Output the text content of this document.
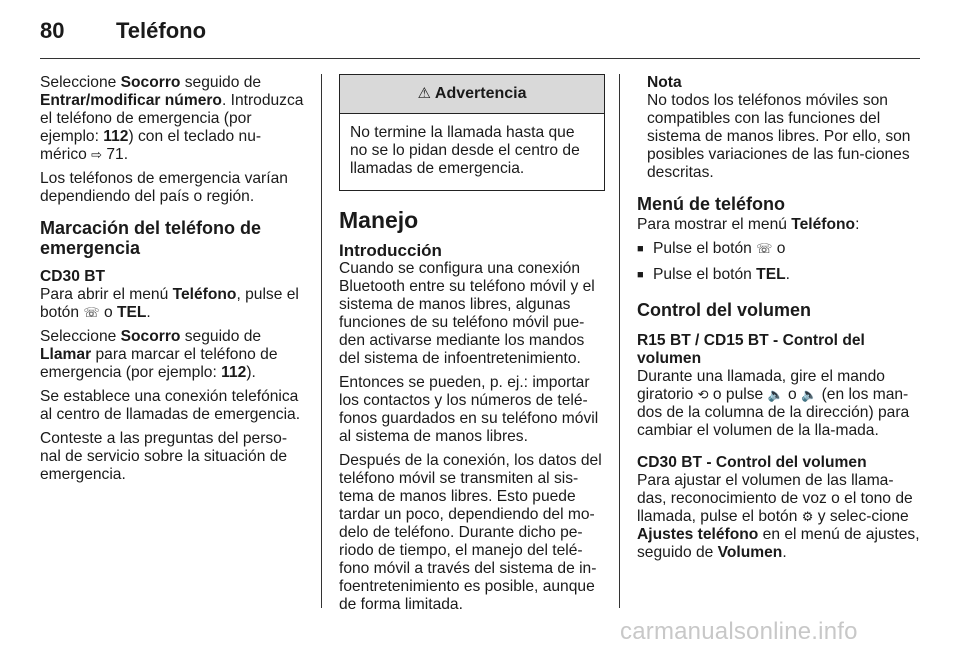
80 Teléfono

Seleccione Socorro seguido de Entrar/modificar número. Introduzca el teléfono de emergencia (por ejemplo: 112) con el teclado nu-mérico ⇨ 71.

Los teléfonos de emergencia varían dependiendo del país o región.

Marcación del teléfono de emergencia
CD30 BT

Para abrir el menú Teléfono, pulse el botón ☏ o TEL.

Seleccione Socorro seguido de Llamar para marcar el teléfono de emergencia (por ejemplo: 112).

Se establece una conexión telefónica al centro de llamadas de emergencia.

Conteste a las preguntas del perso-nal de servicio sobre la situación de emergencia.

⚠ Advertencia
No termine la llamada hasta que no se lo pidan desde el centro de llamadas de emergencia.
Manejo
Introducción

Cuando se configura una conexión Bluetooth entre su teléfono móvil y el sistema de manos libres, algunas funciones de su teléfono móvil pue-den activarse mediante los mandos del sistema de infoentretenimiento.

Entonces se pueden, p. ej.: importar los contactos y los números de telé-fonos guardados en su teléfono móvil al sistema de manos libres.

Después de la conexión, los datos del teléfono móvil se transmiten al sis-tema de manos libres. Esto puede tardar un poco, dependiendo del mo-delo de teléfono. Durante dicho pe-riodo de tiempo, el manejo del telé-fono móvil a través del sistema de in-foentretenimiento es posible, aunque de forma limitada.

Nota

No todos los teléfonos móviles son compatibles con las funciones del sistema de manos libres. Por ello, son posibles variaciones de las fun-ciones descritas.

Menú de teléfono

Para mostrar el menú Teléfono:

■ Pulse el botón ☏ o
■ Pulse el botón TEL.
Control del volumen
R15 BT / CD15 BT - Control del volumen

Durante una llamada, gire el mando giratorio ⟲ o pulse 🔈 o 🔈 (en los man-dos de la columna de la dirección) para cambiar el volumen de la lla-mada.

CD30 BT - Control del volumen

Para ajustar el volumen de las llama-das, reconocimiento de voz o el tono de llamada, pulse el botón ⚙ y selec-cione Ajustes teléfono en el menú de ajustes, seguido de Volumen.

carmanualsonline.info
